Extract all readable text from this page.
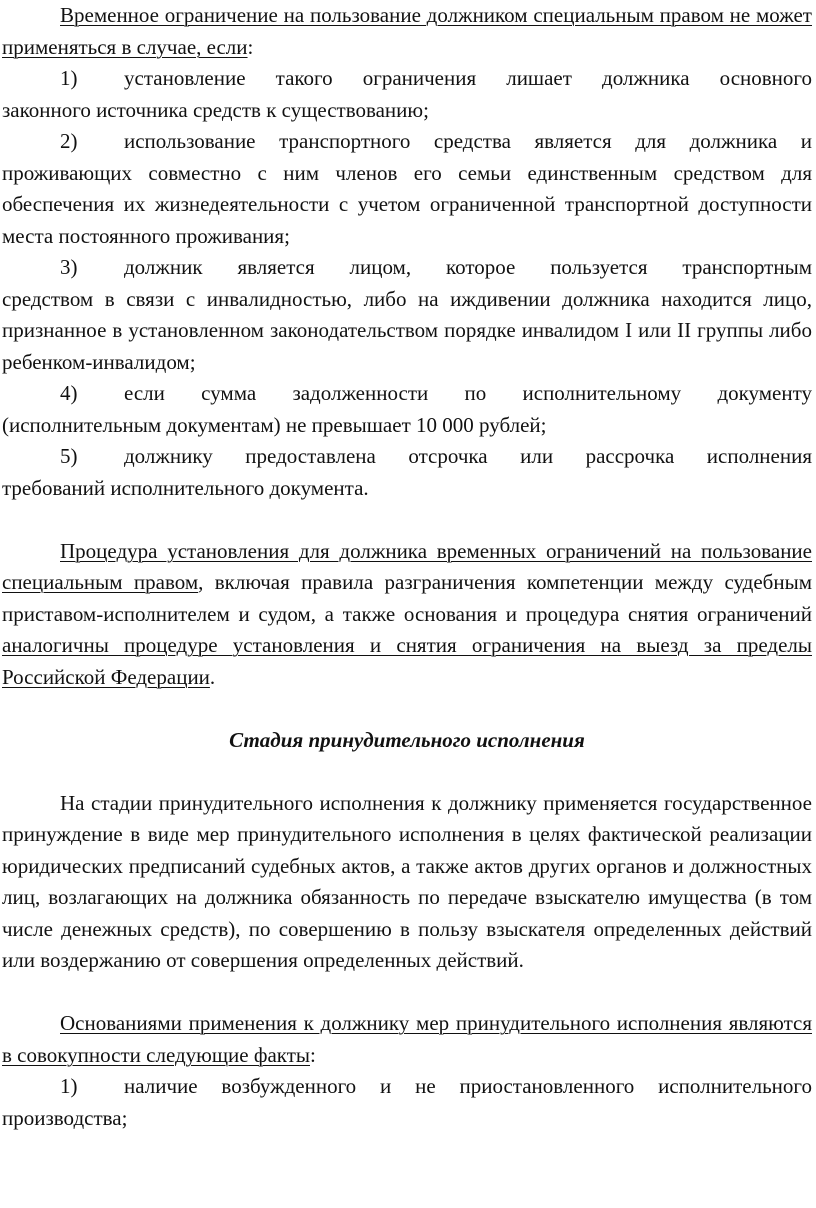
Временное ограничение на пользование должником специальным правом не может применяться в случае, если:

1)	установление такого ограничения лишает должника основного

законного источника средств к существованию;

2)	использование транспортного средства является для должника и

проживающих совместно с ним членов его семьи единственным средством для обеспечения их жизнедеятельности с учетом ограниченной транспортной доступности места постоянного проживания;

3)	должник является лицом, которое пользуется транспортным

средством в связи с инвалидностью, либо на иждивении должника находится лицо, признанное в установленном законодательством порядке инвалидом I или II группы либо ребенком-инвалидом;

4)	если сумма задолженности по исполнительному документу

(исполнительным документам) не превышает 10 000 рублей;

5)	должнику предоставлена отсрочка или рассрочка исполнения

требований исполнительного документа.

Процедура установления для должника временных ограничений на пользование специальным правом, включая правила разграничения компетенции между судебным приставом-исполнителем и судом, а также основания и процедура снятия ограничений аналогичны процедуре установления и снятия ограничения на выезд за пределы Российской Федерации.

Стадия принудительного исполнения

На стадии принудительного исполнения к должнику применяется государственное принуждение в виде мер принудительного исполнения в целях фактической реализации юридических предписаний судебных актов, а также актов других органов и должностных лиц, возлагающих на должника обязанность по передаче взыскателю имущества (в том числе денежных средств), по совершению в пользу взыскателя определенных действий или воздержанию от совершения определенных действий.

Основаниями применения к должнику мер принудительного исполнения являются в совокупности следующие факты:

1)	наличие возбужденного и не приостановленного исполнительного

производства;
